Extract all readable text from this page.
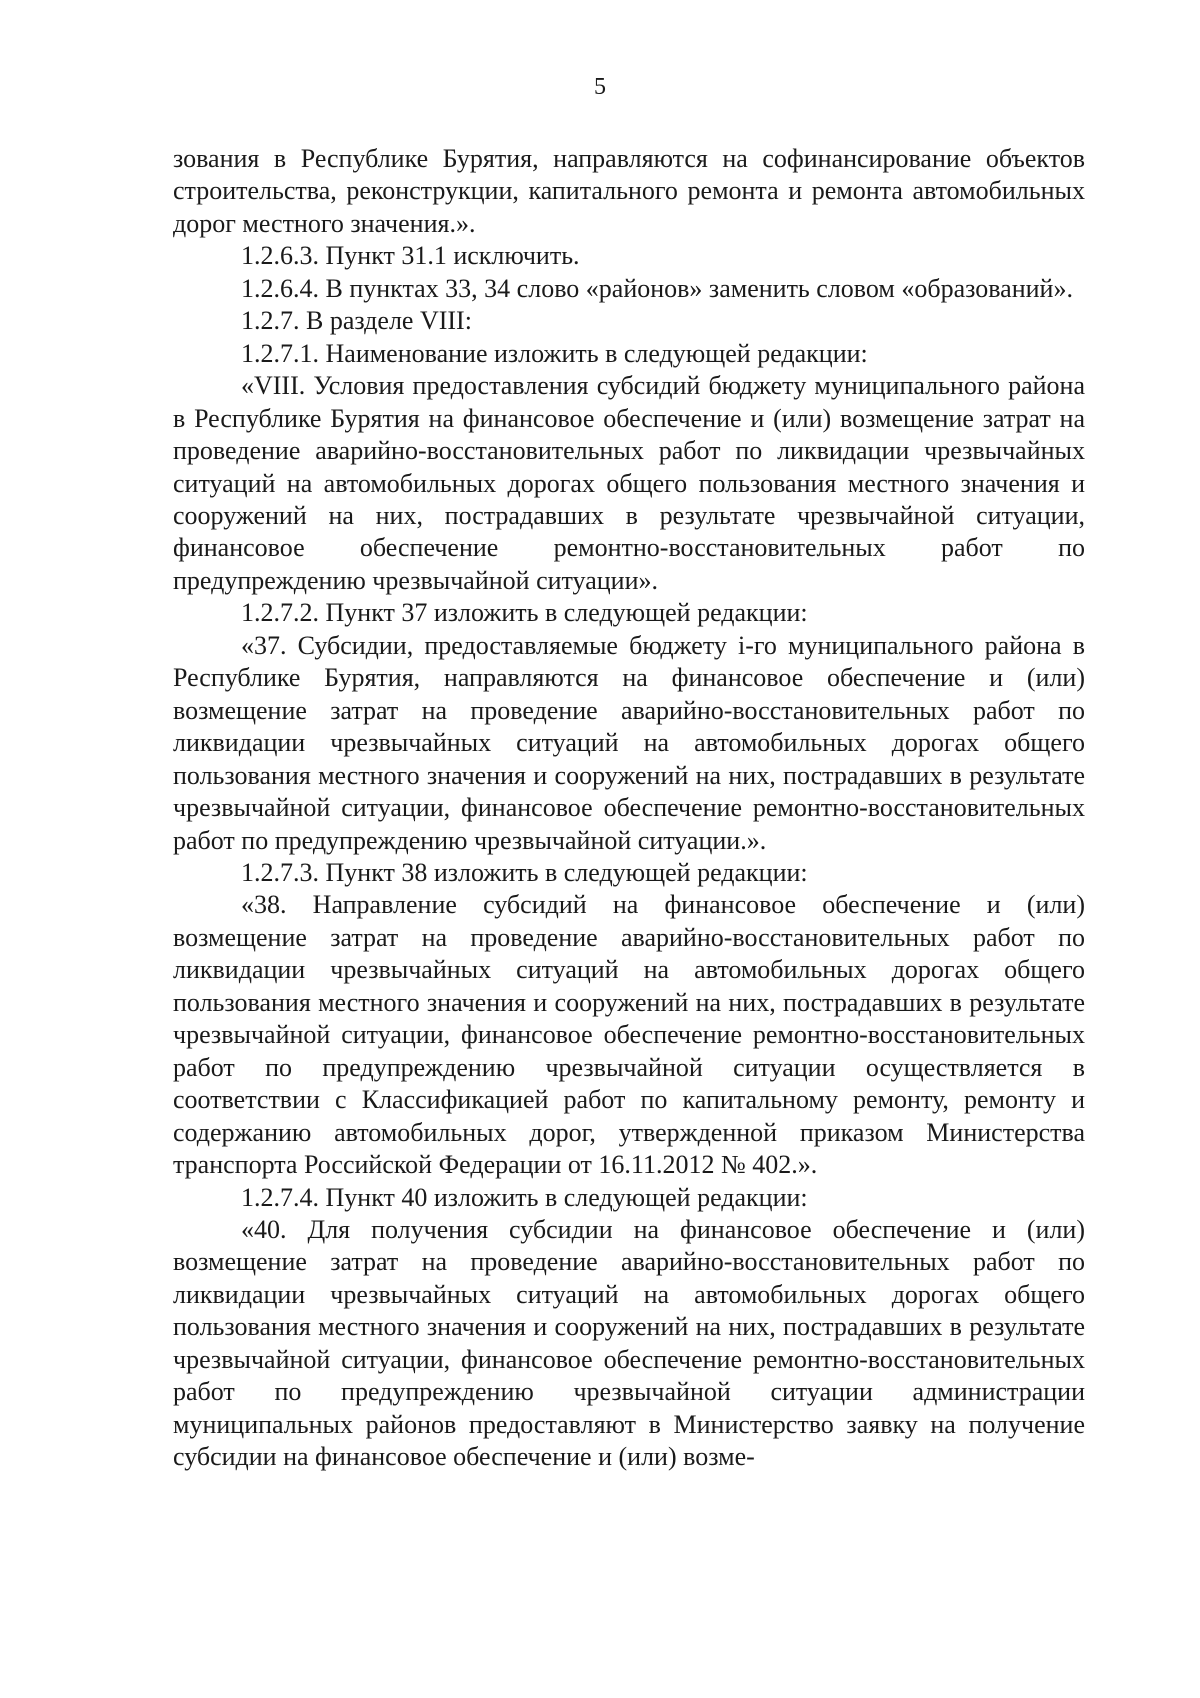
5

зования в Республике Бурятия, направляются на софинансирование объектов строительства, реконструкции, капитального ремонта и ремонта автомобильных дорог местного значения.».

1.2.6.3. Пункт 31.1 исключить.

1.2.6.4. В пунктах 33, 34 слово «районов» заменить словом «образований».

1.2.7. В разделе VIII:

1.2.7.1. Наименование изложить в следующей редакции:

«VIII. Условия предоставления субсидий бюджету муниципального района в Республике Бурятия на финансовое обеспечение и (или) возмещение затрат на проведение аварийно-восстановительных работ по ликвидации чрезвычайных ситуаций на автомобильных дорогах общего пользования местного значения и сооружений на них, пострадавших в результате чрезвычайной ситуации, финансовое обеспечение ремонтно-восстановительных работ по предупреждению чрезвычайной ситуации».

1.2.7.2. Пункт 37 изложить в следующей редакции:

«37. Субсидии, предоставляемые бюджету i-го муниципального района в Республике Бурятия, направляются на финансовое обеспечение и (или) возмещение затрат на проведение аварийно-восстановительных работ по ликвидации чрезвычайных ситуаций на автомобильных дорогах общего пользования местного значения и сооружений на них, пострадавших в результате чрезвычайной ситуации, финансовое обеспечение ремонтно-восстановительных работ по предупреждению чрезвычайной ситуации.».

1.2.7.3. Пункт 38 изложить в следующей редакции:

«38. Направление субсидий на финансовое обеспечение и (или) возмещение затрат на проведение аварийно-восстановительных работ по ликвидации чрезвычайных ситуаций на автомобильных дорогах общего пользования местного значения и сооружений на них, пострадавших в результате чрезвычайной ситуации, финансовое обеспечение ремонтно-восстановительных работ по предупреждению чрезвычайной ситуации осуществляется в соответствии с Классификацией работ по капитальному ремонту, ремонту и содержанию автомобильных дорог, утвержденной приказом Министерства транспорта Российской Федерации от 16.11.2012 № 402.».

1.2.7.4. Пункт 40 изложить в следующей редакции:

«40. Для получения субсидии на финансовое обеспечение и (или) возмещение затрат на проведение аварийно-восстановительных работ по ликвидации чрезвычайных ситуаций на автомобильных дорогах общего пользования местного значения и сооружений на них, пострадавших в результате чрезвычайной ситуации, финансовое обеспечение ремонтно-восстановительных работ по предупреждению чрезвычайной ситуации администрации муниципальных районов предоставляют в Министерство заявку на получение субсидии на финансовое обеспечение и (или) возме-
